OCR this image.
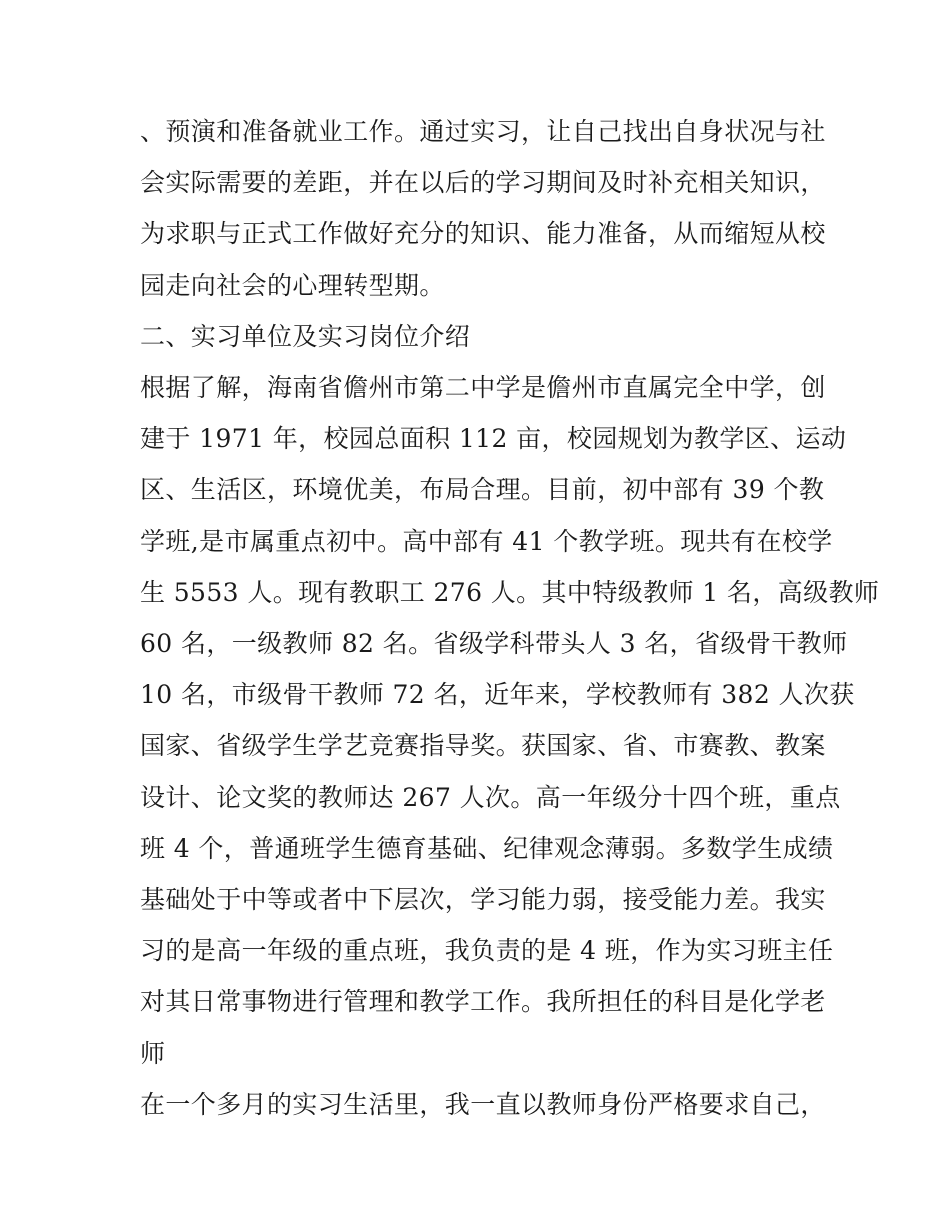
、预演和准备就业工作。通过实习，让自己找出自身状况与社
会实际需要的差距，并在以后的学习期间及时补充相关知识，
为求职与正式工作做好充分的知识、能力准备，从而缩短从校
园走向社会的心理转型期。

二、实习单位及实习岗位介绍

根据了解，海南省儋州市第二中学是儋州市直属完全中学，创
建于 1971 年，校园总面积 112 亩，校园规划为教学区、运动
区、生活区，环境优美，布局合理。目前，初中部有 39 个教
学班,是市属重点初中。高中部有 41 个教学班。现共有在校学
生 5553 人。现有教职工 276 人。其中特级教师 1 名，高级教师
60 名，一级教师 82 名。省级学科带头人 3 名，省级骨干教师
10 名，市级骨干教师 72 名，近年来，学校教师有 382 人次获
国家、省级学生学艺竞赛指导奖。获国家、省、市赛教、教案
设计、论文奖的教师达 267 人次。高一年级分十四个班，重点
班 4 个，普通班学生德育基础、纪律观念薄弱。多数学生成绩
基础处于中等或者中下层次，学习能力弱，接受能力差。我实
习的是高一年级的重点班，我负责的是 4 班，作为实习班主任
对其日常事物进行管理和教学工作。我所担任的科目是化学老
师

在一个多月的实习生活里，我一直以教师身份严格要求自己，
